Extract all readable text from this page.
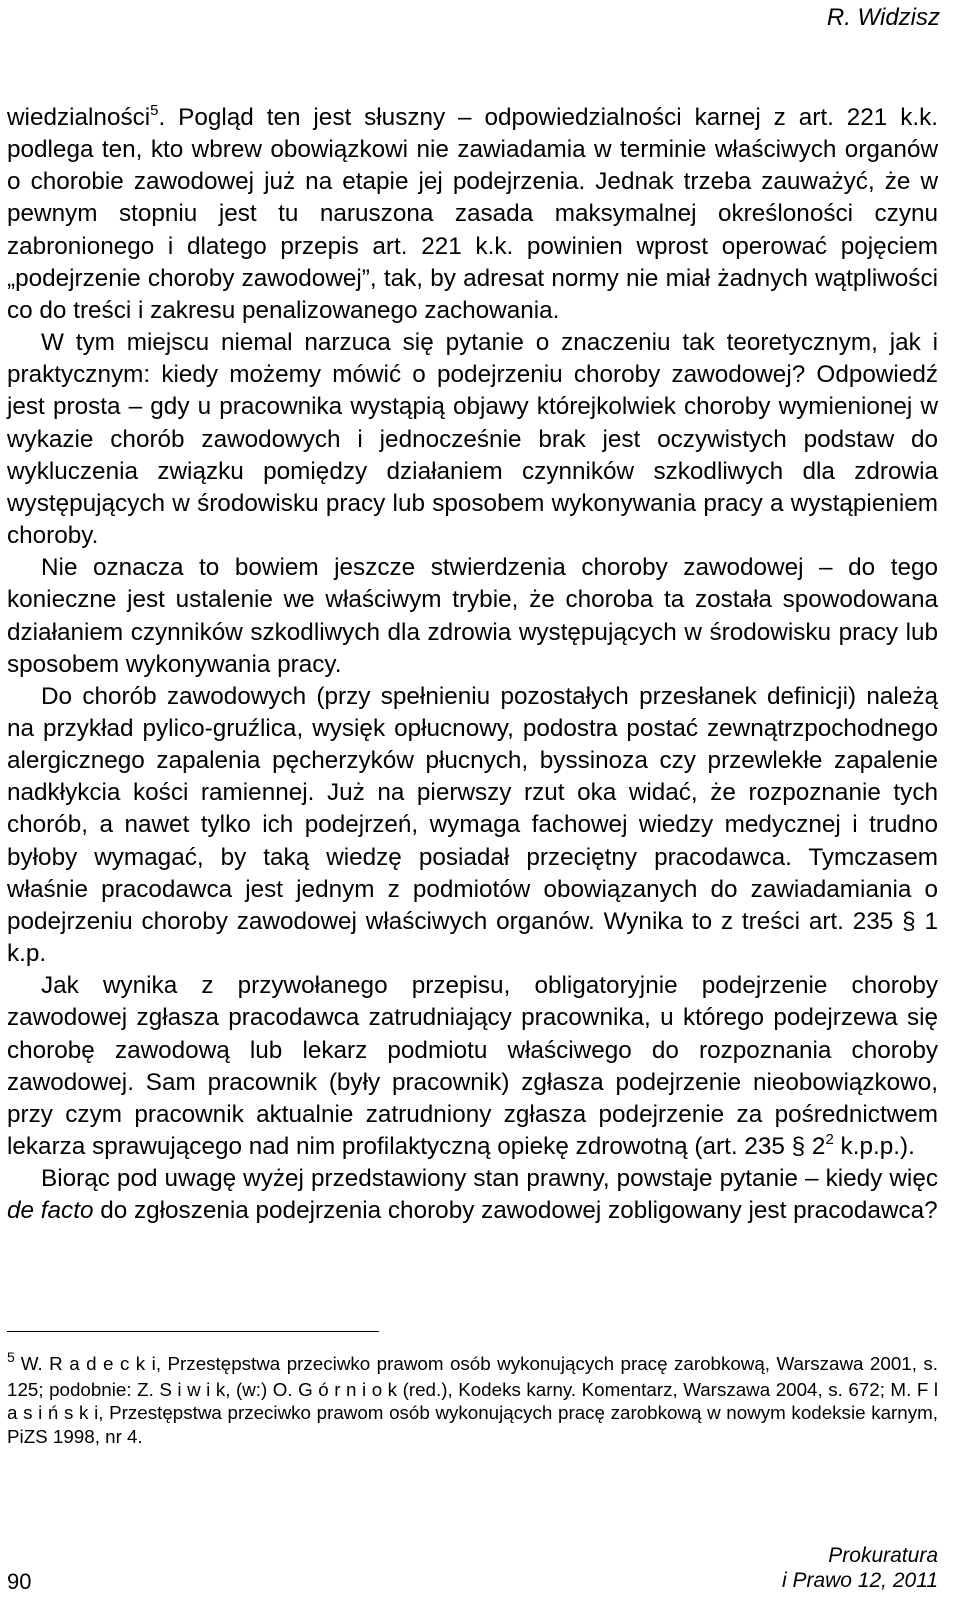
R. Widzisz

wiedzialności$^5$. Pogląd ten jest słuszny – odpowiedzialności karnej z art. 221 k.k. podlega ten, kto wbrew obowiązkowi nie zawiadamia w terminie właściwych organów o chorobie zawodowej już na etapie jej podejrzenia. Jednak trzeba zauważyć, że w pewnym stopniu jest tu naruszona zasada maksymalnej określoności czynu zabronionego i dlatego przepis art. 221 k.k. powinien wprost operować pojęciem „podejrzenie choroby zawodowej”, tak, by adresat normy nie miał żadnych wątpliwości co do treści i zakresu penalizowanego zachowania.

W tym miejscu niemal narzuca się pytanie o znaczeniu tak teoretycznym, jak i praktycznym: kiedy możemy mówić o podejrzeniu choroby zawodowej? Odpowiedź jest prosta – gdy u pracownika wystąpią objawy którejkolwiek choroby wymienionej w wykazie chorób zawodowych i jednocześnie brak jest oczywistych podstaw do wykluczenia związku pomiędzy działaniem czynników szkodliwych dla zdrowia występujących w środowisku pracy lub sposobem wykonywania pracy a wystąpieniem choroby.

Nie oznacza to bowiem jeszcze stwierdzenia choroby zawodowej – do tego konieczne jest ustalenie we właściwym trybie, że choroba ta została spowodowana działaniem czynników szkodliwych dla zdrowia występujących w środowisku pracy lub sposobem wykonywania pracy.

Do chorób zawodowych (przy spełnieniu pozostałych przesłanek definicji) należą na przykład pylico-gruźlica, wysięk opłucnowy, podostra postać zewnątrzpochodnego alergicznego zapalenia pęcherzyków płucnych, byssinoza czy przewlekłe zapalenie nadkłykcia kości ramiennej. Już na pierwszy rzut oka widać, że rozpoznanie tych chorób, a nawet tylko ich podejrzeń, wymaga fachowej wiedzy medycznej i trudno byłoby wymagać, by taką wiedzę posiadał przeciętny pracodawca. Tymczasem właśnie pracodawca jest jednym z podmiotów obowiązanych do zawiadamiania o podejrzeniu choroby zawodowej właściwych organów. Wynika to z treści art. 235 § 1 k.p.

Jak wynika z przywołanego przepisu, obligatoryjnie podejrzenie choroby zawodowej zgłasza pracodawca zatrudniający pracownika, u którego podejrzewa się chorobę zawodową lub lekarz podmiotu właściwego do rozpoznania choroby zawodowej. Sam pracownik (były pracownik) zgłasza podejrzenie nieobowiązkowo, przy czym pracownik aktualnie zatrudniony zgłasza podejrzenie za pośrednictwem lekarza sprawującego nad nim profilaktyczną opiekę zdrowotną (art. 235 § $2^2$ k.p.p.).

Biorąc pod uwagę wyżej przedstawiony stan prawny, powstaje pytanie – kiedy więc de facto do zgłoszenia podejrzenia choroby zawodowej zobligowany jest pracodawca?

$^5$ W. R a d e c k i, Przestępstwa przeciwko prawom osób wykonujących pracę zarobkową, Warszawa 2001, s. 125; podobnie: Z. S i w i k, (w:) O. G ó r n i o k (red.), Kodeks karny. Komentarz, Warszawa 2004, s. 672; M. F l a s i ń s k i, Przestępstwa przeciwko prawom osób wykonujących pracę zarobkową w nowym kodeksie karnym, PiZS 1998, nr 4.

90
Prokuratura
i Prawo 12, 2011
